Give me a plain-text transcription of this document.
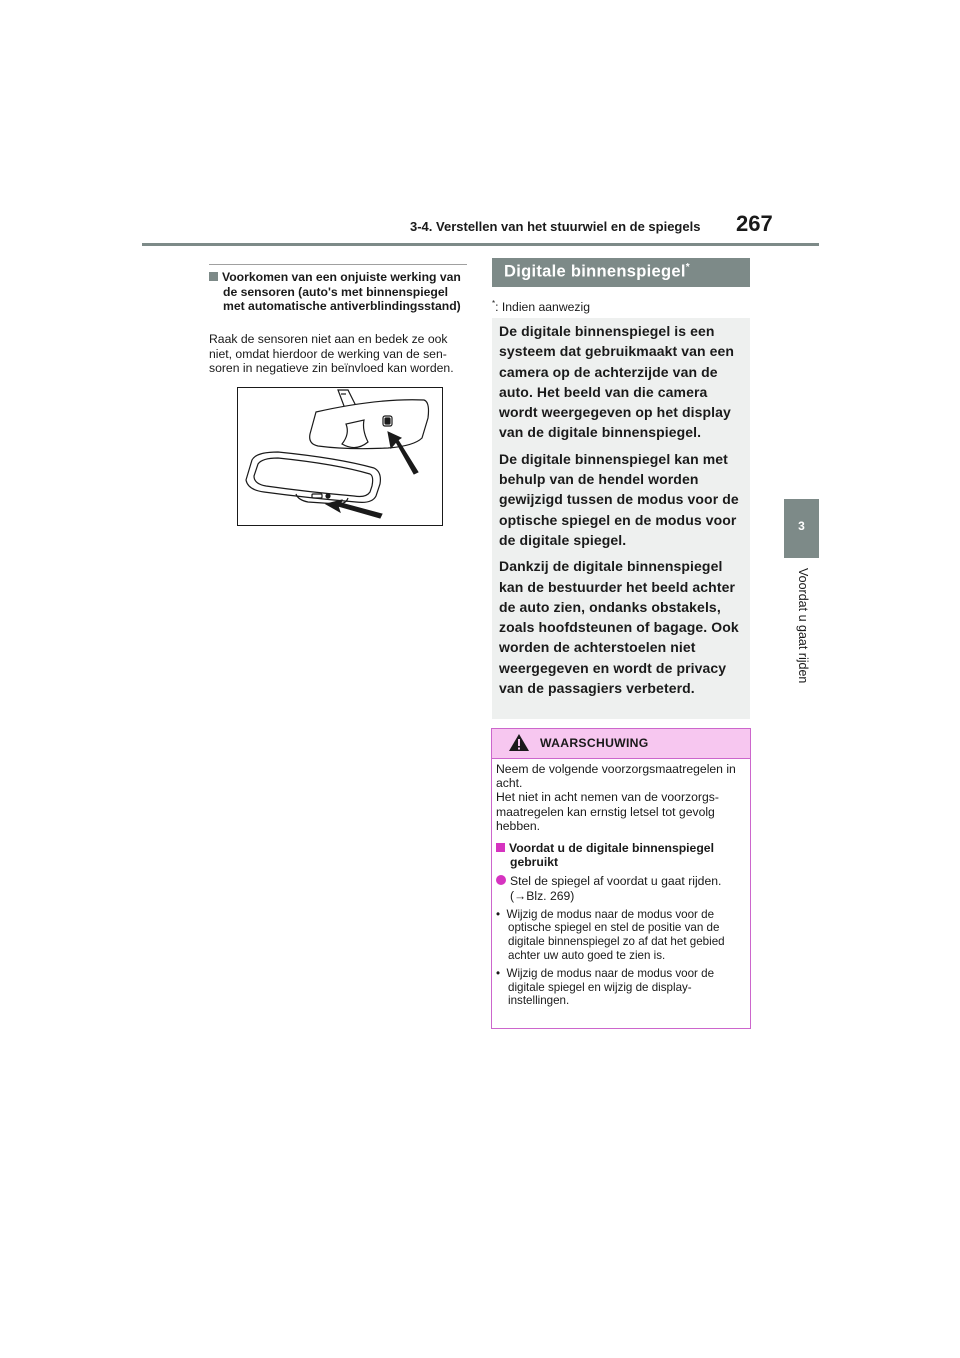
3-4. Verstellen van het stuurwiel en de spiegels 267
3
Voordat u gaat rijden
Voorkomen van een onjuiste werking van de sensoren (auto's met binnenspiegel met automatische antiverblindingsstand)
Raak de sensoren niet aan en bedek ze ook niet, omdat hierdoor de werking van de sensoren in negatieve zin beïnvloed kan worden.
Digitale binnenspiegel*
*: Indien aanwezig

De digitale binnenspiegel is een systeem dat gebruikmaakt van een camera op de achterzijde van de auto. Het beeld van die camera wordt weergegeven op het display van de digitale binnenspiegel.

De digitale binnenspiegel kan met behulp van de hendel worden gewijzigd tussen de modus voor de optische spiegel en de modus voor de digitale spiegel.

Dankzij de digitale binnenspiegel kan de bestuurder het beeld achter de auto zien, ondanks obstakels, zoals hoofdsteunen of bagage. Ook worden de achterstoelen niet weergegeven en wordt de privacy van de passagiers verbeterd.

WAARSCHUWING

Neem de volgende voorzorgsmaatregelen in acht.

Het niet in acht nemen van de voorzorgsmaatregelen kan ernstig letsel tot gevolg hebben.

Voordat u de digitale binnenspiegel gebruikt

Stel de spiegel af voordat u gaat rijden.
(→Blz. 269)

•  Wijzig de modus naar de modus voor de optische spiegel en stel de positie van de digitale binnenspiegel zo af dat het gebied achter uw auto goed te zien is.

•  Wijzig de modus naar de modus voor de digitale spiegel en wijzig de display-instellingen.
